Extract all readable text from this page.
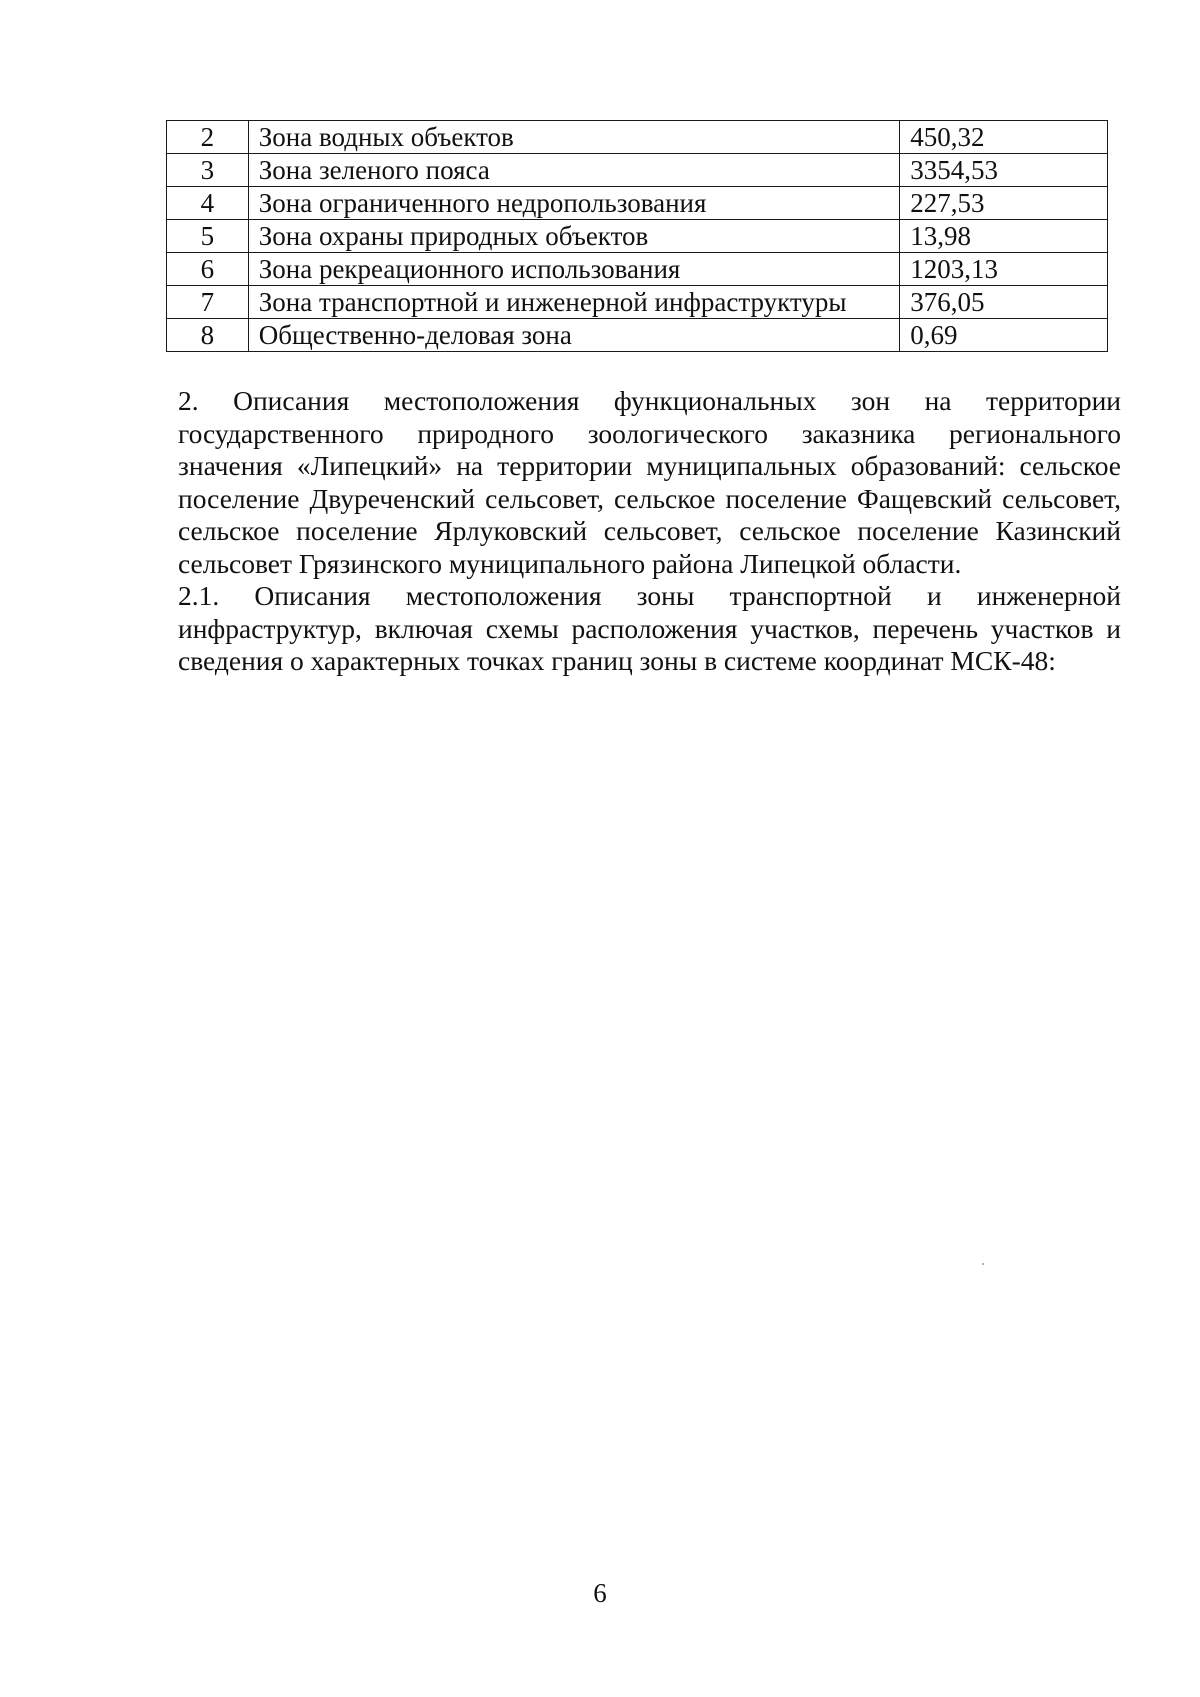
2	Зона водных объектов	450,32
3	Зона зеленого пояса	3354,53
4	Зона ограниченного недропользования	227,53
5	Зона охраны природных объектов	13,98
6	Зона рекреационного использования	1203,13
7	Зона транспортной и инженерной инфраструктуры	376,05
8	Общественно-деловая зона	0,69

2. Описания местоположения функциональных зон на территории государственного природного зоологического заказника регионального значения «Липецкий» на территории муниципальных образований: сельское поселение Двуреченский сельсовет, сельское поселение Фащевский сельсовет, сельское поселение Ярлуковский сельсовет, сельское поселение Казинский сельсовет Грязинского муниципального района Липецкой области.

2.1. Описания местоположения зоны транспортной и инженерной инфраструктур, включая схемы расположения участков, перечень участков и сведения о характерных точках границ зоны в системе координат МСК-48:

6
